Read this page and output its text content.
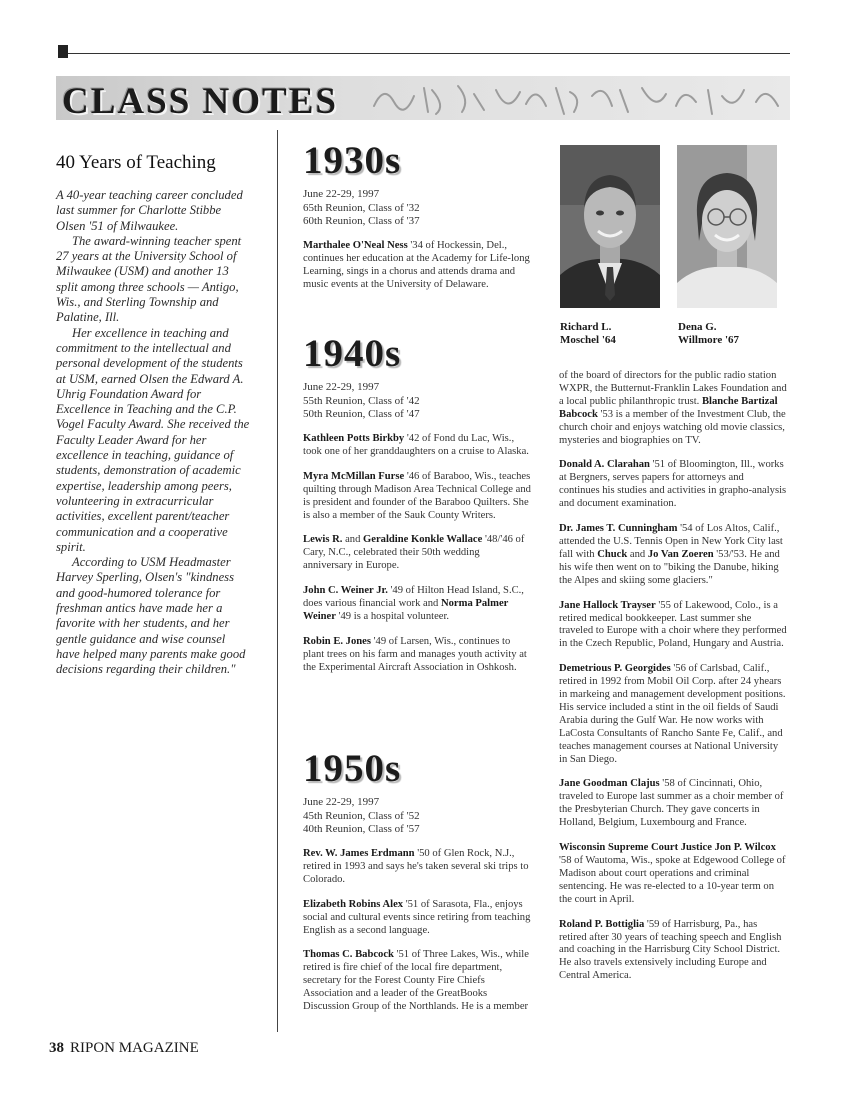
CLASS NOTES
40 Years of Teaching

A 40-year teaching career concluded last summer for Charlotte Stibbe Olsen '51 of Milwaukee.

The award-winning teacher spent 27 years at the University School of Milwaukee (USM) and another 13 split among three schools — Antigo, Wis., and Sterling Township and Palatine, Ill.

Her excellence in teaching and commitment to the intellectual and personal development of the students at USM, earned Olsen the Edward A. Uhrig Foundation Award for Excellence in Teaching and the C.P. Vogel Faculty Award. She received the Faculty Leader Award for her excellence in teaching, guidance of students, demonstration of academic expertise, leadership among peers, volunteering in extracurricular activities, excellent parent/teacher communication and a cooperative spirit.

According to USM Headmaster Harvey Sperling, Olsen's "kindness and good-humored tolerance for freshman antics have made her a favorite with her students, and her gentle guidance and wise counsel have helped many parents make good decisions regarding their children."

1930s

June 22-29, 1997

65th Reunion, Class of '32

60th Reunion, Class of '37

Marthalee O'Neal Ness '34 of Hockessin, Del., continues her education at the Academy for Life-long Learning, sings in a chorus and attends drama and music events at the University of Delaware.

1940s

June 22-29, 1997

55th Reunion, Class of '42

50th Reunion, Class of '47

Kathleen Potts Birkby '42 of Fond du Lac, Wis., took one of her granddaughters on a cruise to Alaska.

Myra McMillan Furse '46 of Baraboo, Wis., teaches quilting through Madison Area Technical College and is president and founder of the Baraboo Quilters. She is also a member of the Sauk County Writers.

Lewis R. and Geraldine Konkle Wallace '48/'46 of Cary, N.C., celebrated their 50th wedding anniversary in Europe.

John C. Weiner Jr. '49 of Hilton Head Island, S.C., does various financial work and Norma Palmer Weiner '49 is a hospital volunteer.

Robin E. Jones '49 of Larsen, Wis., continues to plant trees on his farm and manages youth activity at the Experimental Aircraft Association in Oshkosh.

1950s

June 22-29, 1997

45th Reunion, Class of '52

40th Reunion, Class of '57

Rev. W. James Erdmann '50 of Glen Rock, N.J., retired in 1993 and says he's taken several ski trips to Colorado.

Elizabeth Robins Alex '51 of Sarasota, Fla., enjoys social and cultural events since retiring from teaching English as a second language.

Thomas C. Babcock '51 of Three Lakes, Wis., while retired is fire chief of the local fire department, secretary for the Forest County Fire Chiefs Association and a leader of the GreatBooks Discussion Group of the Northlands. He is a member

Richard L.
Moschel '64
Dena G.
Willmore '67

of the board of directors for the public radio station WXPR, the Butternut-Franklin Lakes Foundation and a local public philanthropic trust. Blanche Bartizal Babcock '53 is a member of the Investment Club, the church choir and enjoys watching old movie classics, mysteries and biographies on TV.

Donald A. Clarahan '51 of Bloomington, Ill., works at Bergners, serves papers for attorneys and continues his studies and activities in grapho-analysis and document examination.

Dr. James T. Cunningham '54 of Los Altos, Calif., attended the U.S. Tennis Open in New York City last fall with Chuck and Jo Van Zoeren '53/'53. He and his wife then went on to "biking the Danube, hiking the Alpes and skiing some glaciers."

Jane Hallock Trayser '55 of Lakewood, Colo., is a retired medical bookkeeper. Last summer she traveled to Europe with a choir where they performed in the Czech Republic, Poland, Hungary and Austria.

Demetrious P. Georgides '56 of Carlsbad, Calif., retired in 1992 from Mobil Oil Corp. after 24 yhears in markeing and management development positions. His service included a stint in the oil fields of Saudi Arabia during the Gulf War. He now works with LaCosta Consultants of Rancho Sante Fe, Calif., and teaches management courses at National University in San Diego.

Jane Goodman Clajus '58 of Cincinnati, Ohio, traveled to Europe last summer as a choir member of the Presbyterian Church. They gave concerts in Holland, Belgium, Luxembourg and France.

Wisconsin Supreme Court Justice Jon P. Wilcox '58 of Wautoma, Wis., spoke at Edgewood College of Madison about court operations and criminal sentencing. He was re-elected to a 10-year term on the court in April.

Roland P. Bottiglia '59 of Harrisburg, Pa., has retired after 30 years of teaching speech and English and coaching in the Harrisburg City School District. He also travels extensively including Europe and Central America.

38 RIPON MAGAZINE
